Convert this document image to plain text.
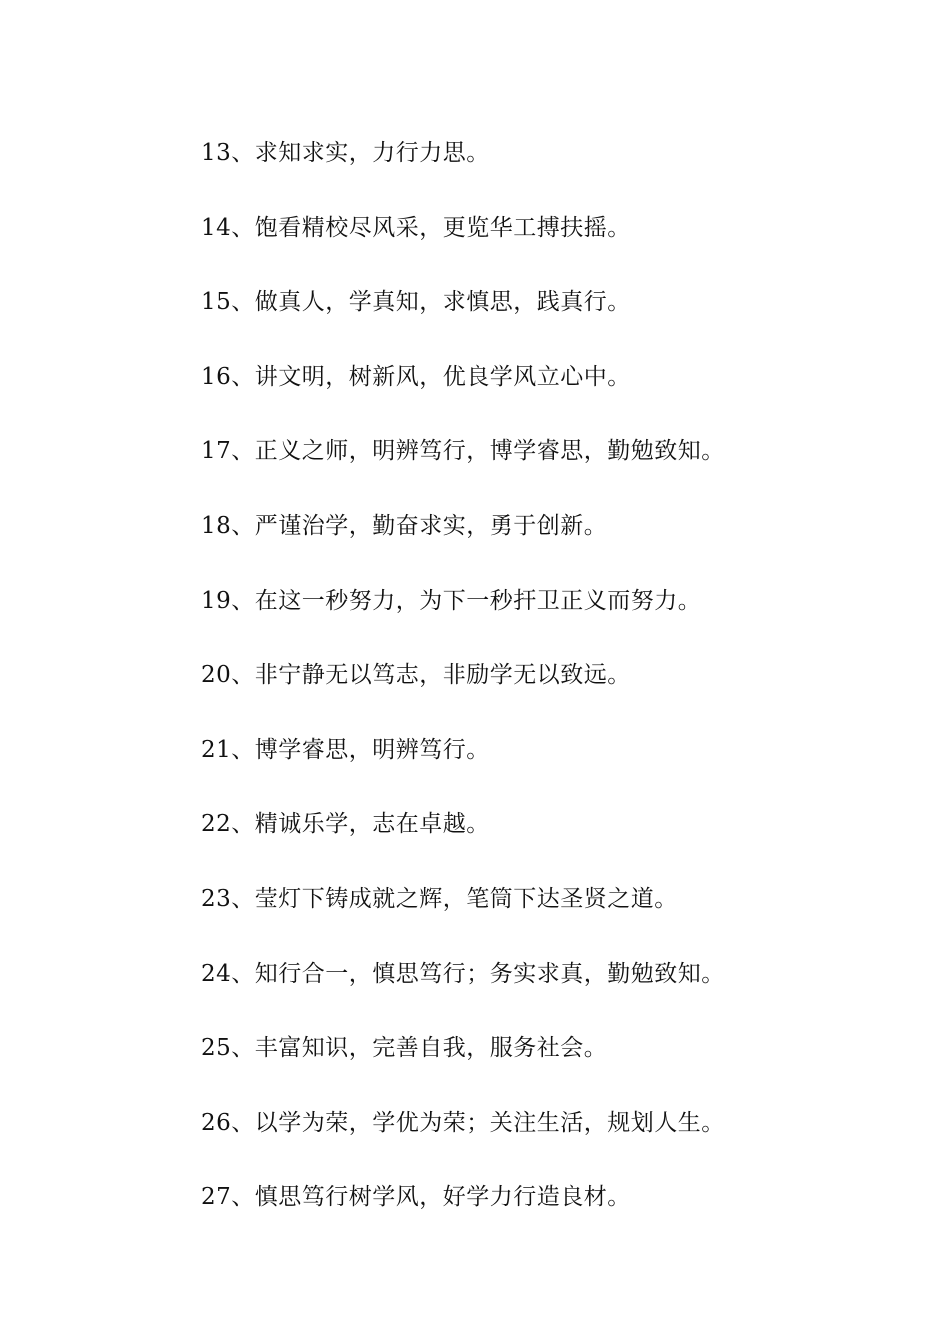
13、求知求实，力行力思。
14、饱看精校尽风采，更览华工搏扶摇。
15、做真人，学真知，求慎思，践真行。
16、讲文明，树新风，优良学风立心中。
17、正义之师，明辨笃行，博学睿思，勤勉致知。
18、严谨治学，勤奋求实，勇于创新。
19、在这一秒努力，为下一秒扞卫正义而努力。
20、非宁静无以笃志，非励学无以致远。
21、博学睿思，明辨笃行。
22、精诚乐学，志在卓越。
23、莹灯下铸成就之辉，笔筒下达圣贤之道。
24、知行合一，慎思笃行；务实求真，勤勉致知。
25、丰富知识，完善自我，服务社会。
26、以学为荣，学优为荣；关注生活，规划人生。
27、慎思笃行树学风，好学力行造良材。
